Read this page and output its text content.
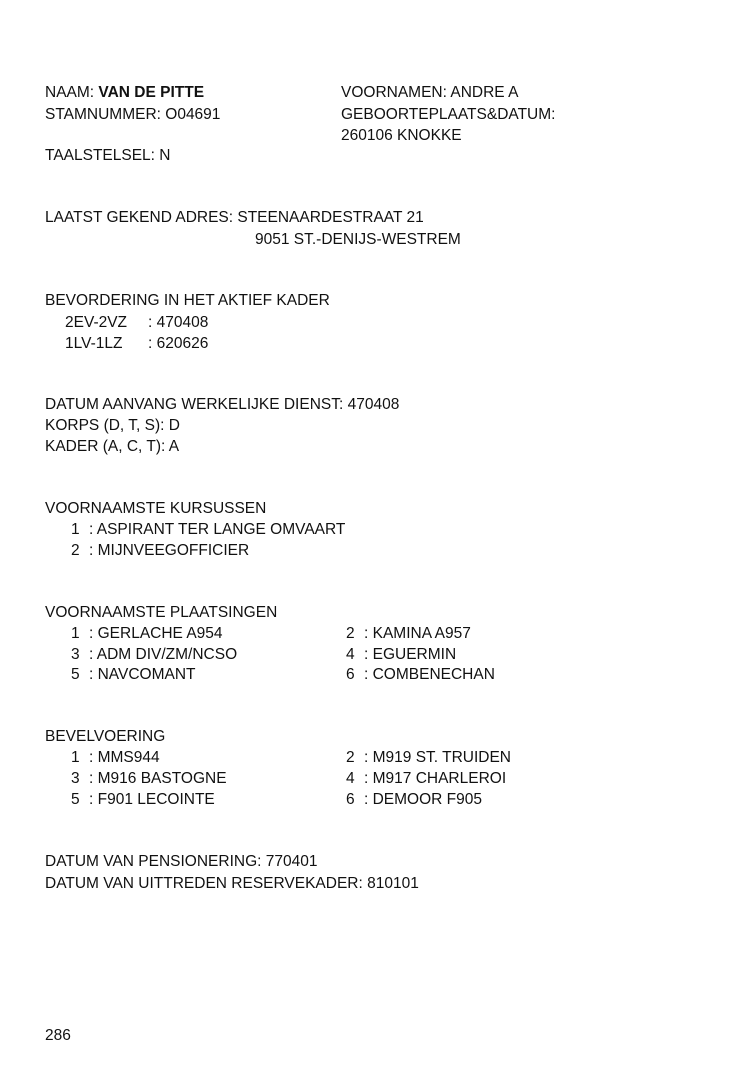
NAAM: VAN DE PITTE
STAMNUMMER: O04691
TAALSTELSEL: N
VOORNAMEN: ANDRE A
GEBOORTEPLAATS&DATUM:
260106 KNOKKE
LAATST GEKEND ADRES: STEENAARDESTRAAT 21
9051 ST.-DENIJS-WESTREM
BEVORDERING IN HET AKTIEF KADER
2EV-2VZ : 470408
1LV-1LZ : 620626
DATUM AANVANG WERKELIJKE DIENST: 470408
KORPS (D, T, S): D
KADER (A, C, T): A
VOORNAAMSTE KURSUSSEN
1 : ASPIRANT TER LANGE OMVAART
2 : MIJNVEEGOFFICIER
VOORNAAMSTE PLAATSINGEN
1 : GERLACHE A954	2 : KAMINA A957
3 : ADM DIV/ZM/NCSO	4 : EGUERMIN
5 : NAVCOMANT	6 : COMBENECHAN
BEVELVOERING
1 : MMS944	2 : M919 ST. TRUIDEN
3 : M916 BASTOGNE	4 : M917 CHARLEROI
5 : F901 LECOINTE	6 : DEMOOR F905
DATUM VAN PENSIONERING: 770401
DATUM VAN UITTREDEN RESERVEKADER: 810101
286
